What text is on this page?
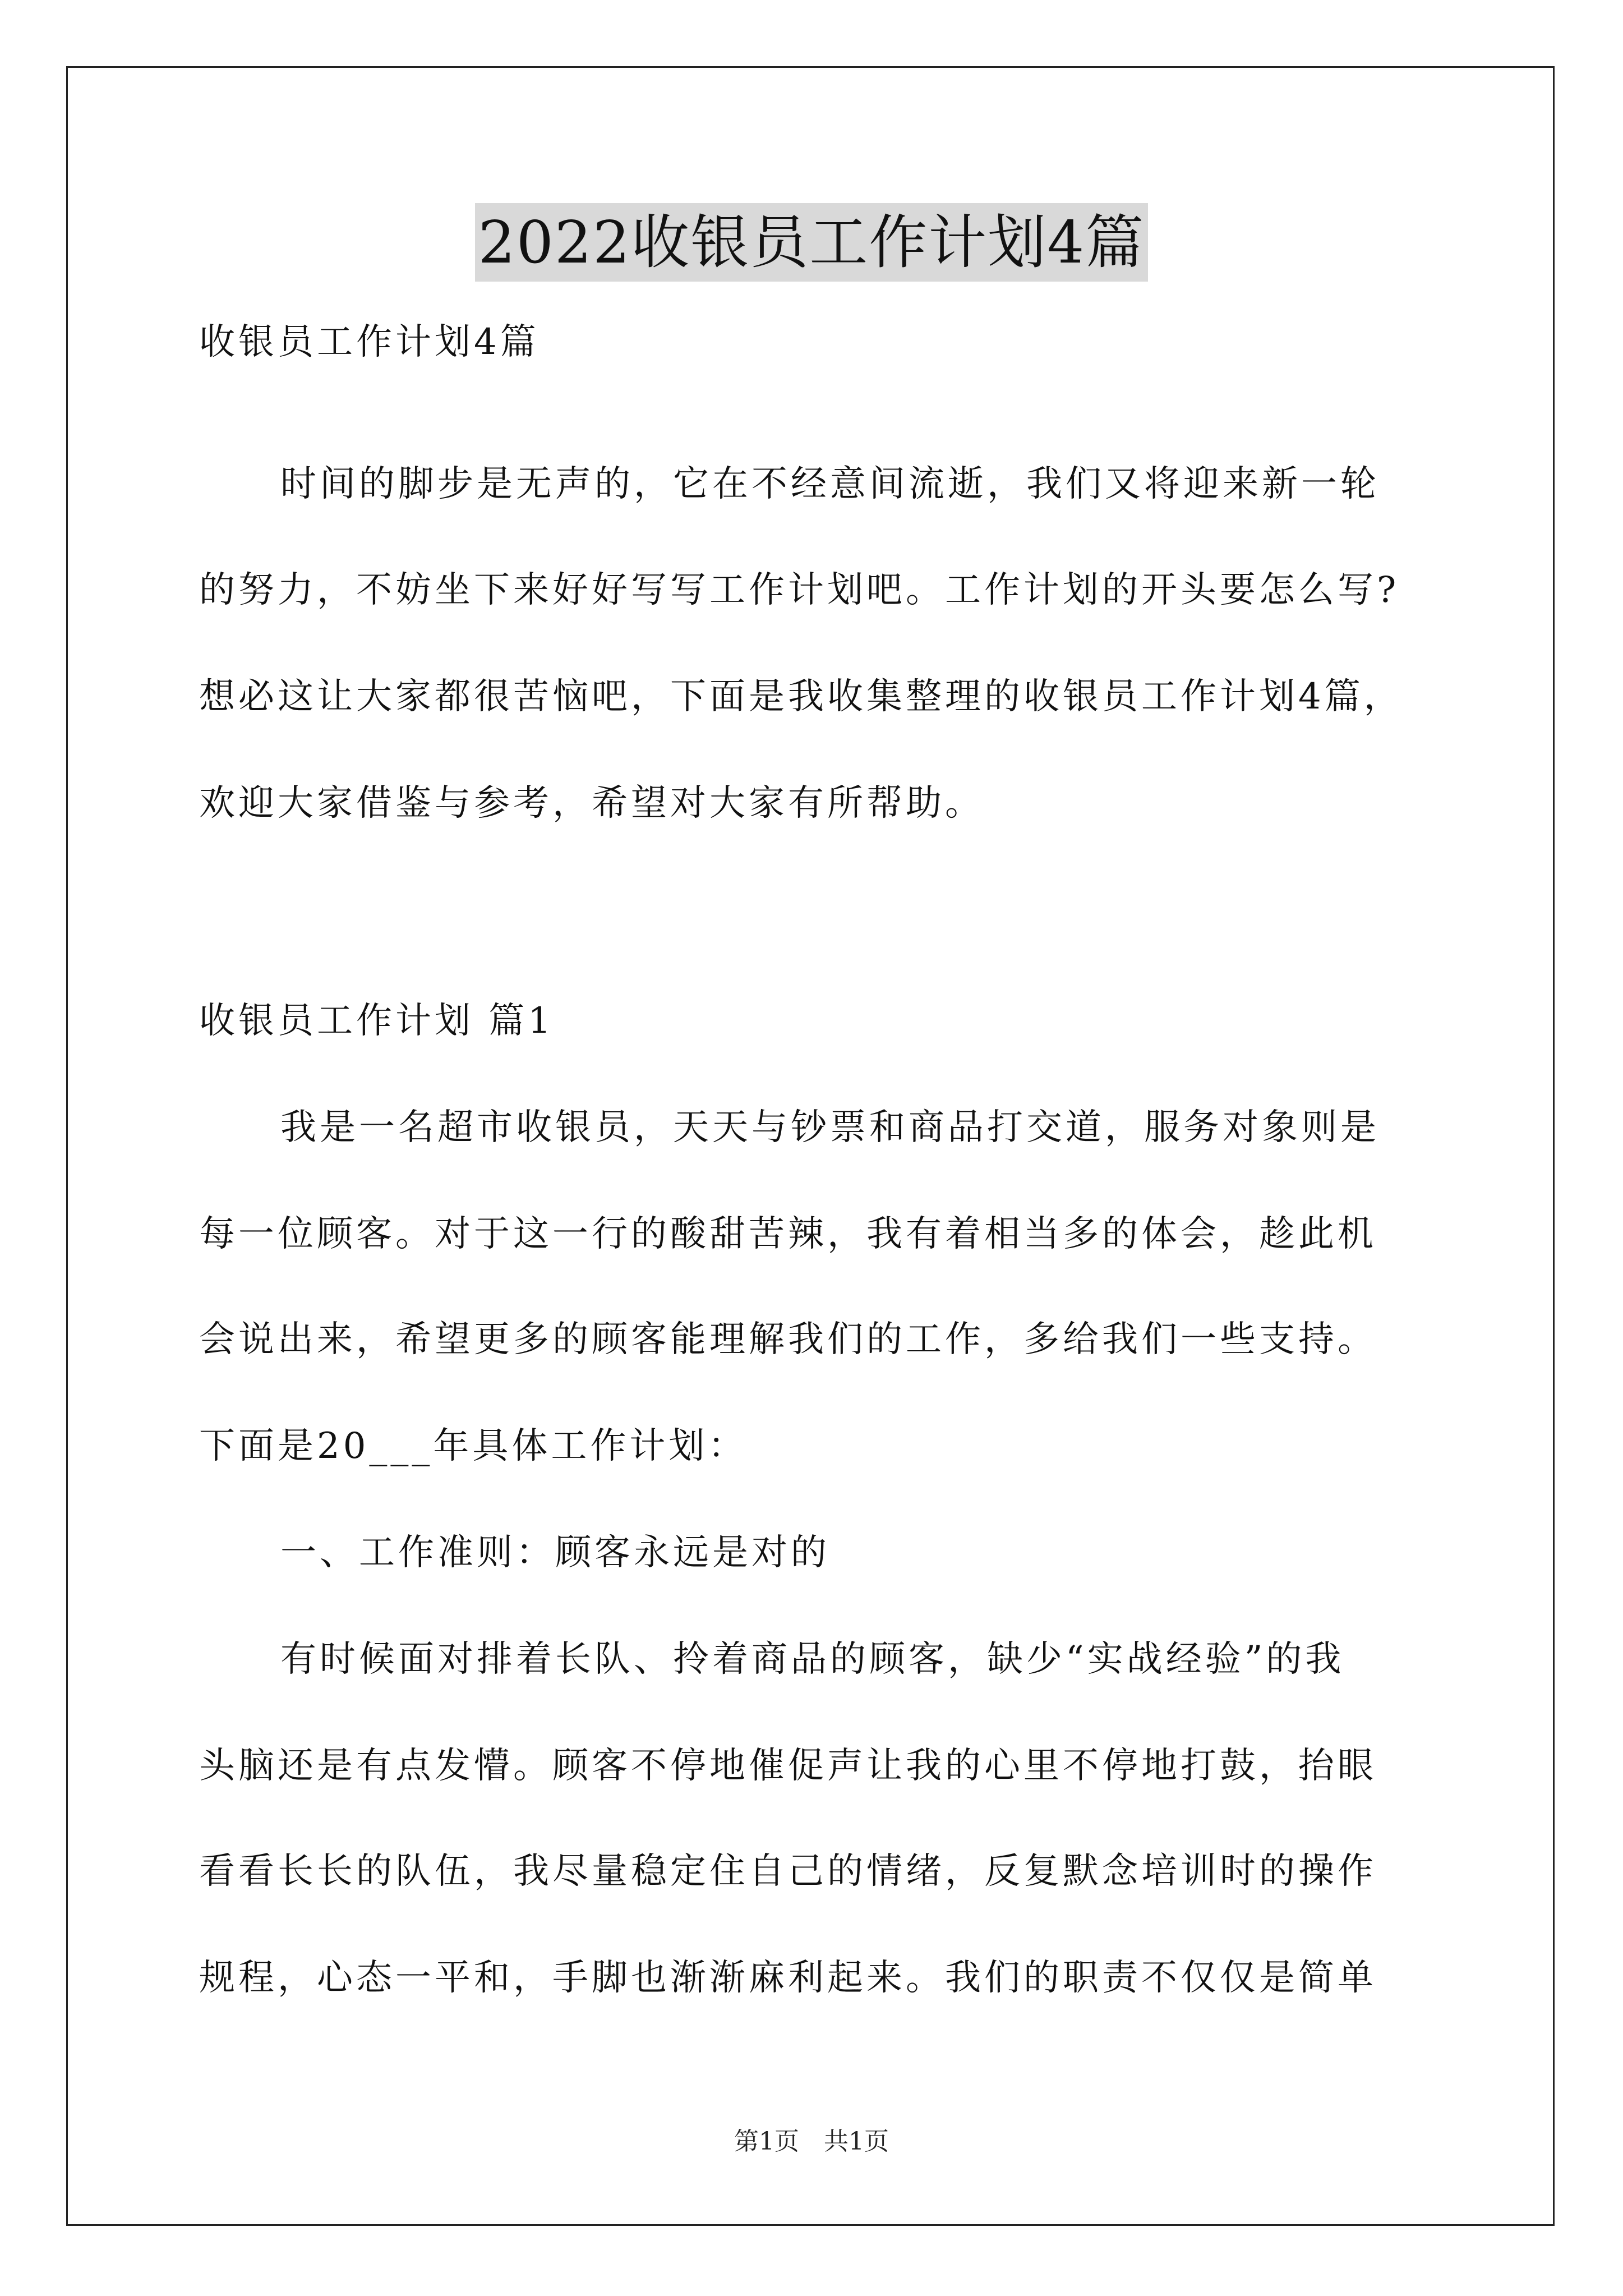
2022收银员工作计划4篇
收银员工作计划4篇
时间的脚步是无声的，它在不经意间流逝，我们又将迎来新一轮
的努力，不妨坐下来好好写写工作计划吧。工作计划的开头要怎么写?
想必这让大家都很苦恼吧，下面是我收集整理的收银员工作计划4篇，
欢迎大家借鉴与参考，希望对大家有所帮助。
收银员工作计划 篇1
我是一名超市收银员，天天与钞票和商品打交道，服务对象则是
每一位顾客。对于这一行的酸甜苦辣，我有着相当多的体会，趁此机
会说出来，希望更多的顾客能理解我们的工作，多给我们一些支持。
下面是20___年具体工作计划：
一、工作准则：顾客永远是对的
有时候面对排着长队、拎着商品的顾客，缺少“实战经验”的我
头脑还是有点发懵。顾客不停地催促声让我的心里不停地打鼓，抬眼
看看长长的队伍，我尽量稳定住自己的情绪，反复默念培训时的操作
规程，心态一平和，手脚也渐渐麻利起来。我们的职责不仅仅是简单
第1页　共1页
